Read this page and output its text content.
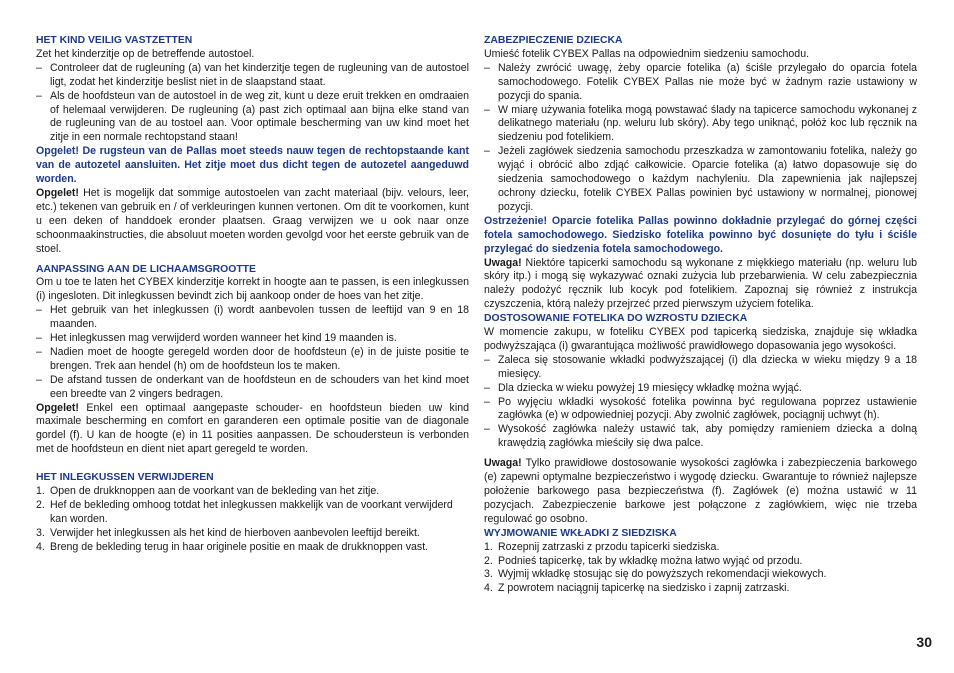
HET KIND VEILIG VASTZETTEN

Zet het kinderzitje op de betreffende autostoel.

– Controleer dat de rugleuning (a) van het kinderzitje tegen de rugleuning van de autostoel ligt, zodat het kinderzitje beslist niet in de slaapstand staat.
– Als de hoofdsteun van de autostoel in de weg zit, kunt u deze eruit trekken en omdraaien of helemaal verwijderen. De rugleuning (a) past zich optimaal aan bijna elke stand van de rugleuning van de au tostoel aan. Voor optimale bescherming van uw kind moet het zitje in een normale rechtopstand staan!

Opgelet! De rugsteun van de Pallas moet steeds nauw tegen de rechtopstaande kant van de autozetel aansluiten. Het zitje moet dus dicht tegen de autozetel aangeduwd worden.

Opgelet! Het is mogelijk dat sommige autostoelen van zacht materiaal (bijv. velours, leer, etc.) tekenen van gebruik en / of verkleuringen kunnen vertonen. Om dit te voorkomen, kunt u een deken of handdoek eronder plaatsen. Graag verwijzen we u ook naar onze schoonmaakinstructies, die absoluut moeten worden gevolgd voor het eerste gebruik van de stoel.

AANPASSING AAN DE LICHAAMSGROOTTE

Om u toe te laten het CYBEX kinderzitje korrekt in hoogte aan te passen, is een inlegkussen (i) ingesloten. Dit inlegkussen bevindt zich bij aankoop onder de hoes van het zitje.

– Het gebruik van het inlegkussen (i) wordt aanbevolen tussen de leeftijd van 9 en 18 maanden.
– Het inlegkussen mag verwijderd worden wanneer het kind 19 maanden is.
– Nadien moet de hoogte geregeld worden door de hoofdsteun (e) in de juiste positie te brengen. Trek aan hendel (h) om de hoofdsteun los te maken.
– De afstand tussen de onderkant van de hoofdsteun en de schouders van het kind moet een breedte van 2 vingers bedragen.

Opgelet! Enkel een optimaal aangepaste schouder- en hoofdsteun bieden uw kind maximale bescherming en comfort en garanderen een optimale positie van de diagonale gordel (f). U kan de hoogte (e) in 11 posities aanpassen. De schoudersteun is verbonden met de hoofdsteun en dient niet apart geregeld te worden.

HET INLEGKUSSEN VERWIJDEREN
1. Open de drukknoppen aan de voorkant van de bekleding van het zitje.
2. Hef de bekleding omhoog totdat het inlegkussen makkelijk van de voorkant verwijderd kan worden.
3. Verwijder het inlegkussen als het kind de hierboven aanbevolen leeftijd bereikt.
4. Breng de bekleding terug in haar originele positie en maak de drukknoppen vast.
ZABEZPIECZENIE DZIECKA

Umieść fotelik CYBEX Pallas na odpowiednim siedzeniu samochodu.

– Należy zwrócić uwagę, żeby oparcie fotelika (a) ściśle przylegało do oparcia fotela samochodowego. Fotelik CYBEX Pallas nie może być w żadnym razie ustawiony w pozycji do spania.
– W miarę używania fotelika mogą powstawać ślady na tapicerce samochodu wykonanej z delikatnego materiału (np. weluru lub skóry). Aby tego uniknąć, połóż koc lub ręcznik na siedzeniu pod fotelikiem.
– Jeżeli zagłówek siedzenia samochodu przeszkadza w zamontowaniu fotelika, należy go wyjąć i obrócić albo zdjąć całkowicie. Oparcie fotelika (a) łatwo dopasowuje się do siedzenia samochodowego o każdym nachyleniu. Dla zapewnienia jak najlepszej ochrony dziecku, fotelik CYBEX Pallas powinien być ustawiony w normalnej, pionowej pozycji.

Ostrzeżenie! Oparcie fotelika Pallas powinno dokładnie przylegać do górnej części fotela samochodowego. Siedzisko fotelika powinno być dosunięte do tyłu i ściśle przylegać do siedzenia fotela samochodowego.

Uwaga! Niektóre tapicerki samochodu są wykonane z miękkiego materiału (np. weluru lub skóry itp.) i mogą się wykazywać oznaki zużycia lub przebarwienia. W celu zabezpiecznia należy podożyć ręcznik lub kocyk pod fotelikiem. Zapoznaj się również z instrukcja czyszczenia, którą należy przejrzeć przed pierwszym użyciem fotelika.

DOSTOSOWANIE FOTELIKA DO WZROSTU DZIECKA

W momencie zakupu, w foteliku CYBEX pod tapicerką siedziska, znajduje się wkładka podwyższająca (i) gwarantująca możliwość prawidłowego dopasowania jego wysokości.

– Zaleca się stosowanie wkładki podwyższającej (i) dla dziecka w wieku między 9 a 18 miesięcy.
– Dla dziecka w wieku powyżej 19 miesięcy wkładkę można wyjąć.
– Po wyjęciu wkładki wysokość fotelika powinna być regulowana poprzez ustawienie zagłówka (e) w odpowiedniej pozycji. Aby zwolnić zagłówek, pociągnij uchwyt (h).
– Wysokość zagłówka należy ustawić tak, aby pomiędzy ramieniem dziecka a dolną krawędzią zagłówka mieściły się dwa palce.

Uwaga! Tylko prawidłowe dostosowanie wysokości zagłówka i zabezpieczenia barkowego (e) zapewni optymalne bezpieczeństwo i wygodę dziecku. Gwarantuje to również najlepsze położenie barkowego pasa bezpieczeństwa (f). Zagłówek (e) można ustawić w 11 pozycjach. Zabezpieczenie barkowe jest połączone z zagłówkiem, więc nie trzeba regulować go osobno.

WYJMOWANIE WKŁADKI Z SIEDZISKA
1. Rozepnij zatrzaski z przodu tapicerki siedziska.
2. Podnieś tapicerkę, tak by wkładkę można łatwo wyjąć od przodu.
3. Wyjmij wkładkę stosując się do powyższych rekomendacji wiekowych.
4. Z powrotem naciągnij tapicerkę na siedzisko i zapnij zatrzaski.
30
